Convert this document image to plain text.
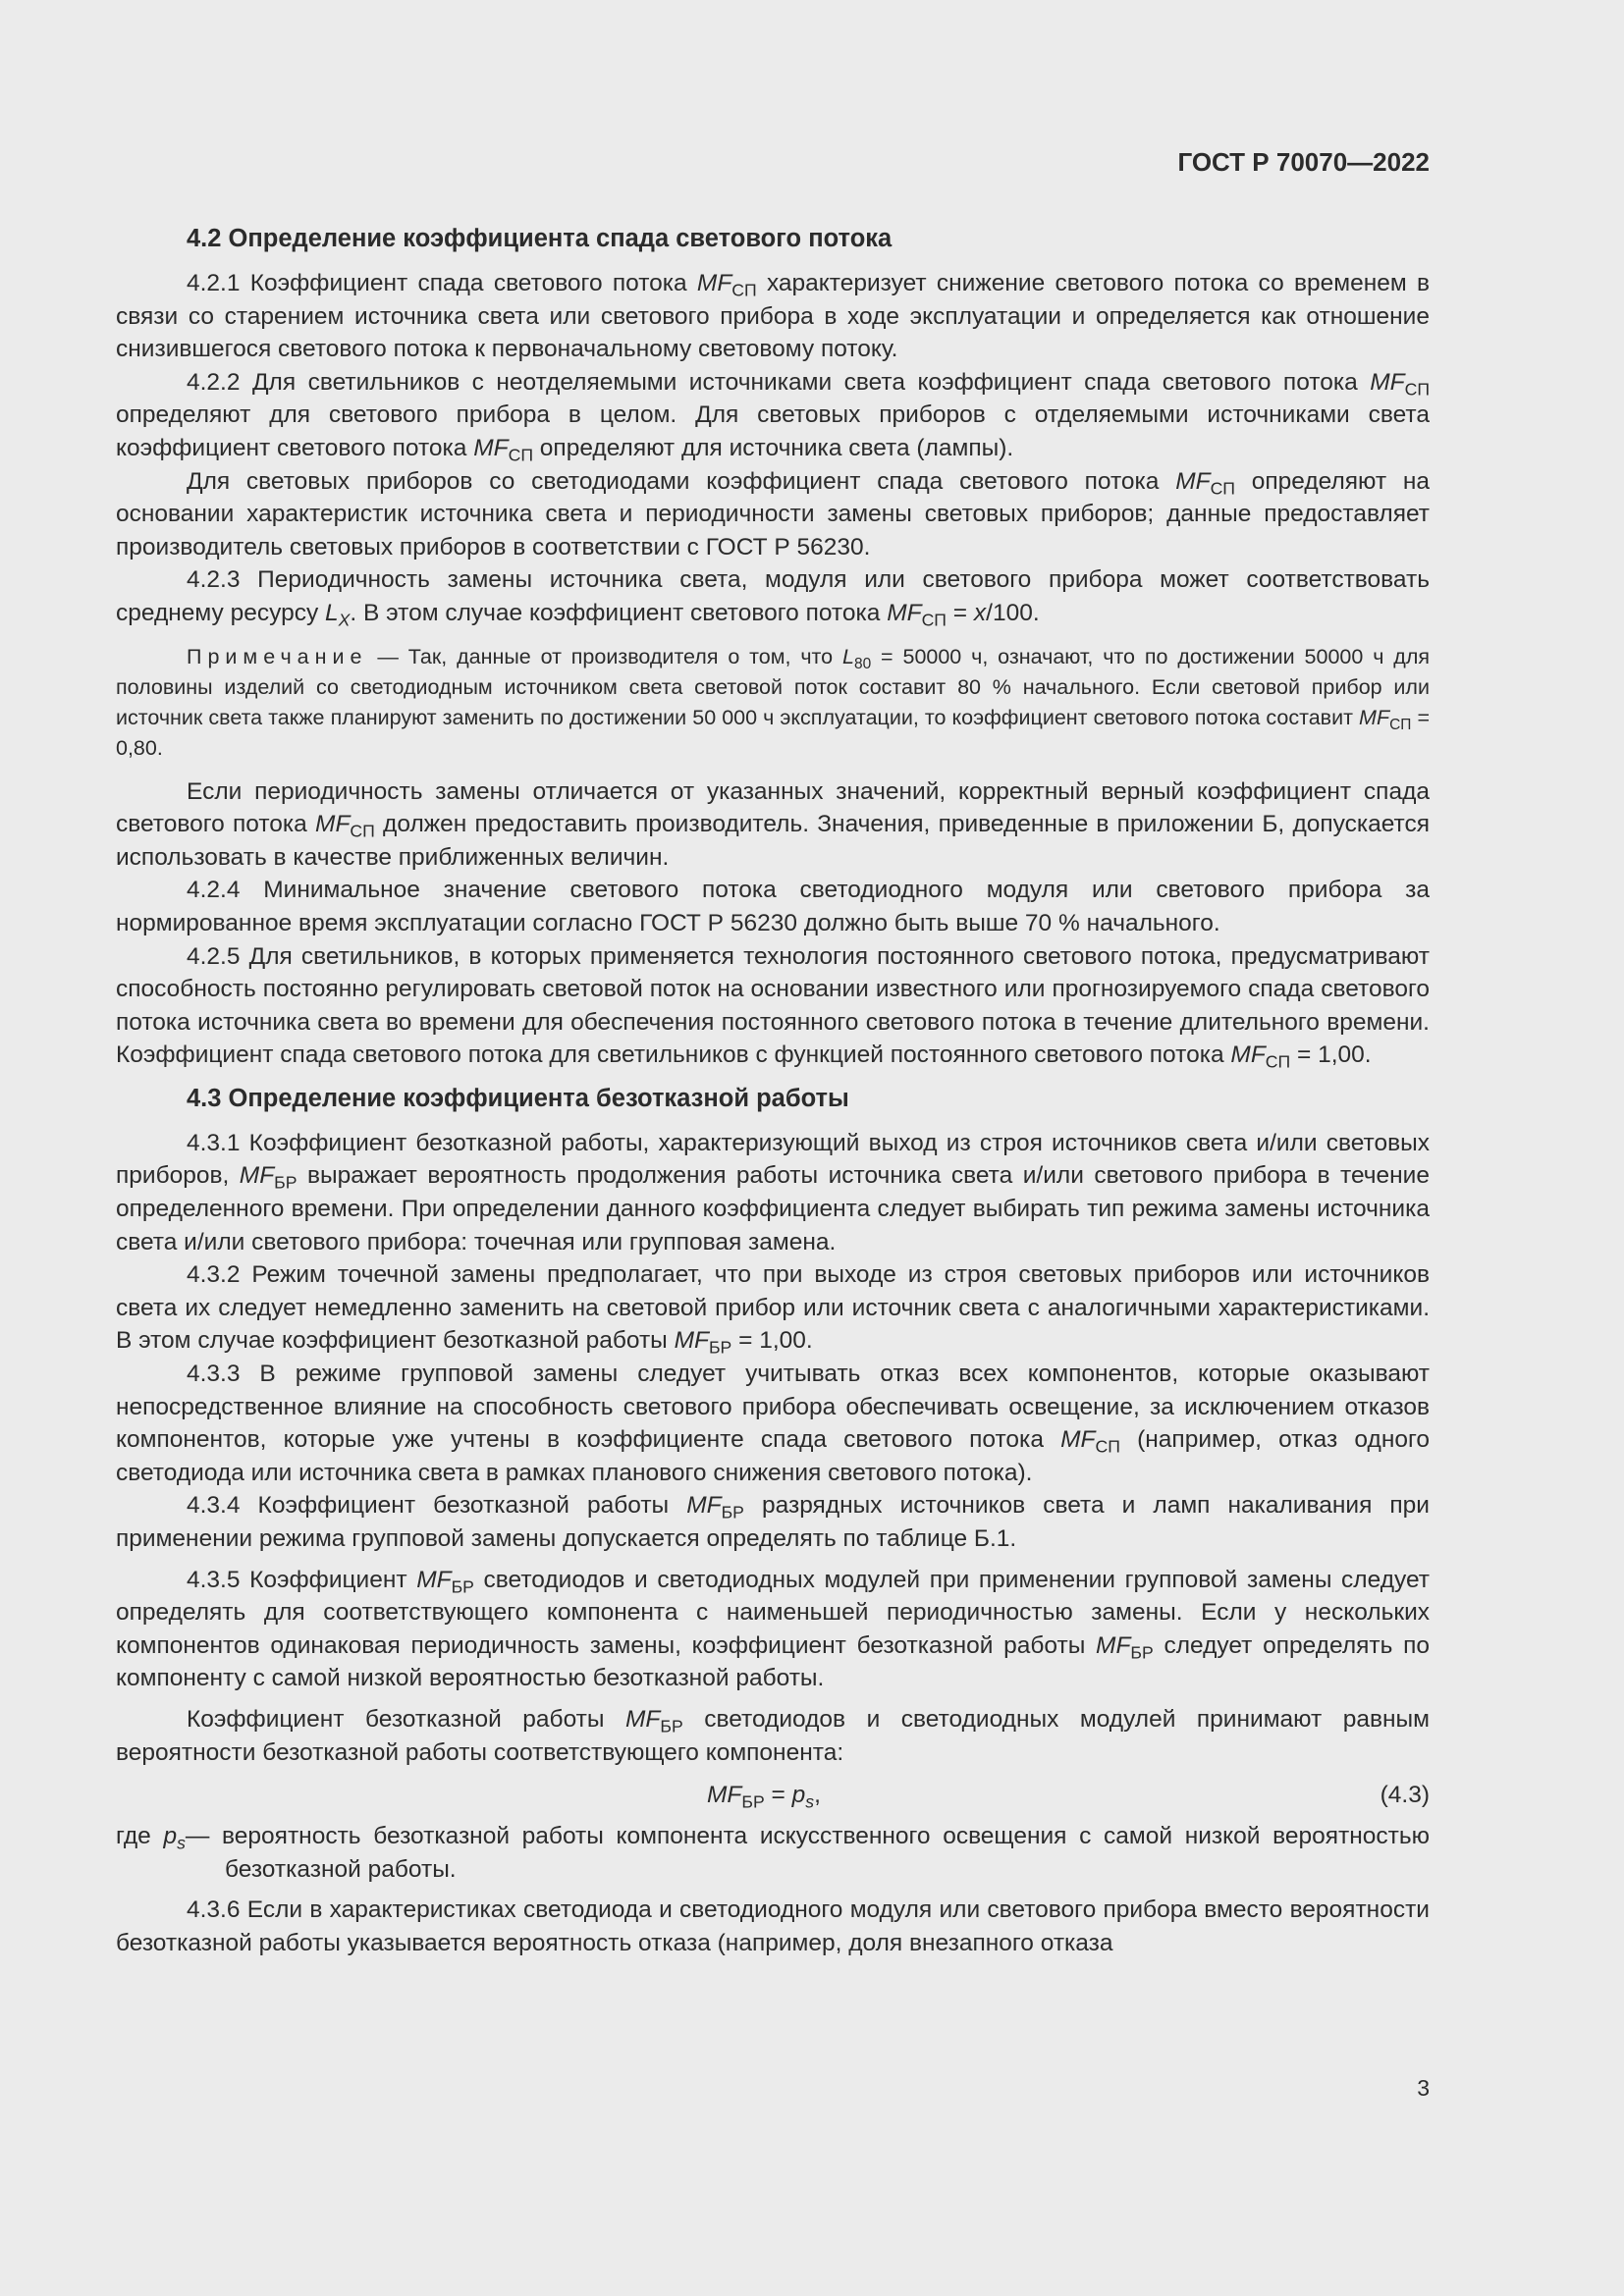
ГОСТ Р 70070—2022
4.2 Определение коэффициента спада светового потока

4.2.1 Коэффициент спада светового потока $MF_{СП}$ характеризует снижение светового потока со временем в связи со старением источника света или светового прибора в ходе эксплуатации и определяется как отношение снизившегося светового потока к первоначальному световому потоку.

4.2.2 Для светильников с неотделяемыми источниками света коэффициент спада светового потока $MF_{СП}$ определяют для светового прибора в целом. Для световых приборов с отделяемыми источниками света коэффициент светового потока $MF_{СП}$ определяют для источника света (лампы).

Для световых приборов со светодиодами коэффициент спада светового потока $MF_{СП}$ определяют на основании характеристик источника света и периодичности замены световых приборов; данные предоставляет производитель световых приборов в соответствии с ГОСТ Р 56230.

4.2.3 Периодичность замены источника света, модуля или светового прибора может соответствовать среднему ресурсу $L_X$. В этом случае коэффициент светового потока $MF_{СП} = x/100$.

Примечание — Так, данные от производителя о том, что $L_{80} = 50000$ ч, означают, что по достижении 50000 ч для половины изделий со светодиодным источником света световой поток составит 80 % начального. Если световой прибор или источник света также планируют заменить по достижении 50 000 ч эксплуатации, то коэффициент светового потока составит $MF_{СП} = 0,80$.

Если периодичность замены отличается от указанных значений, корректный верный коэффициент спада светового потока $MF_{СП}$ должен предоставить производитель. Значения, приведенные в приложении Б, допускается использовать в качестве приближенных величин.

4.2.4 Минимальное значение светового потока светодиодного модуля или светового прибора за нормированное время эксплуатации согласно ГОСТ Р 56230 должно быть выше 70 % начального.

4.2.5 Для светильников, в которых применяется технология постоянного светового потока, предусматривают способность постоянно регулировать световой поток на основании известного или прогнозируемого спада светового потока источника света во времени для обеспечения постоянного светового потока в течение длительного времени. Коэффициент спада светового потока для светильников с функцией постоянного светового потока $MF_{СП} = 1,00$.

4.3 Определение коэффициента безотказной работы

4.3.1 Коэффициент безотказной работы, характеризующий выход из строя источников света и/или световых приборов, $MF_{БР}$ выражает вероятность продолжения работы источника света и/или светового прибора в течение определенного времени. При определении данного коэффициента следует выбирать тип режима замены источника света и/или светового прибора: точечная или групповая замена.

4.3.2 Режим точечной замены предполагает, что при выходе из строя световых приборов или источников света их следует немедленно заменить на световой прибор или источник света с аналогичными характеристиками. В этом случае коэффициент безотказной работы $MF_{БР} = 1,00$.

4.3.3 В режиме групповой замены следует учитывать отказ всех компонентов, которые оказывают непосредственное влияние на способность светового прибора обеспечивать освещение, за исключением отказов компонентов, которые уже учтены в коэффициенте спада светового потока $MF_{СП}$ (например, отказ одного светодиода или источника света в рамках планового снижения светового потока).

4.3.4 Коэффициент безотказной работы $MF_{БР}$ разрядных источников света и ламп накаливания при применении режима групповой замены допускается определять по таблице Б.1.

4.3.5 Коэффициент $MF_{БР}$ светодиодов и светодиодных модулей при применении групповой замены следует определять для соответствующего компонента с наименьшей периодичностью замены. Если у нескольких компонентов одинаковая периодичность замены, коэффициент безотказной работы $MF_{БР}$ следует определять по компоненту с самой низкой вероятностью безотказной работы.

Коэффициент безотказной работы $MF_{БР}$ светодиодов и светодиодных модулей принимают равным вероятности безотказной работы соответствующего компонента:

$MF_{БР} = p_s$,	(4.3)

где $p_s—$ вероятность безотказной работы компонента искусственного освещения с самой низкой вероятностью безотказной работы.

4.3.6 Если в характеристиках светодиода и светодиодного модуля или светового прибора вместо вероятности безотказной работы указывается вероятность отказа (например, доля внезапного отказа

3
